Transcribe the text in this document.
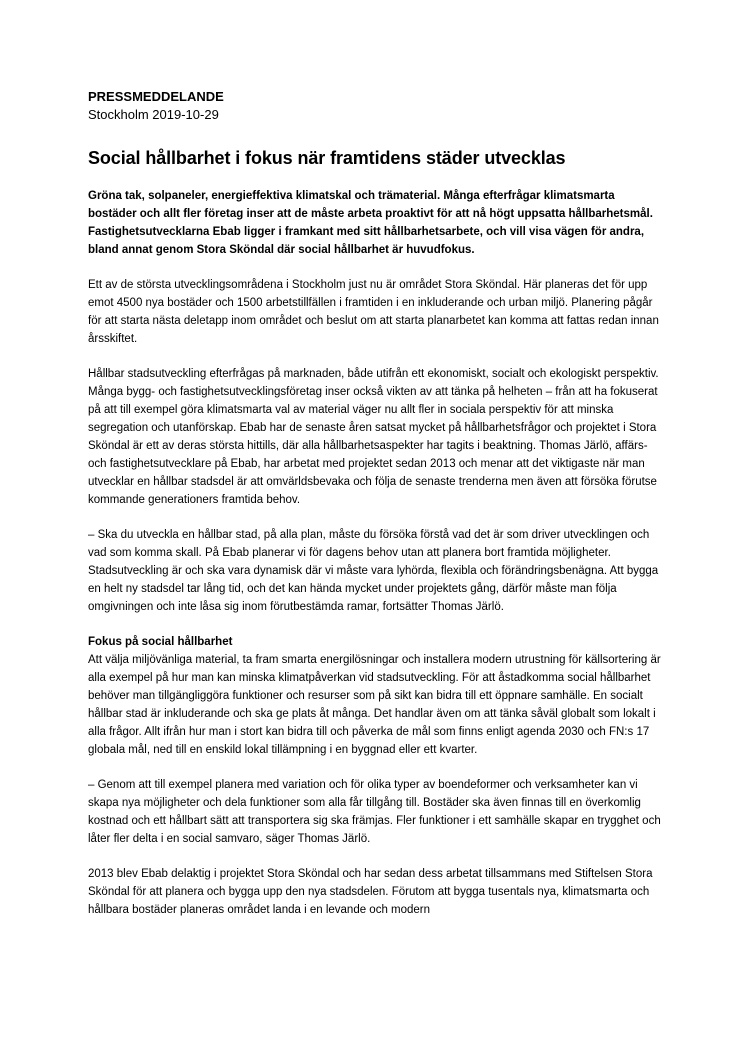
PRESSMEDDELANDE
Stockholm 2019-10-29
Social hållbarhet i fokus när framtidens städer utvecklas
Gröna tak, solpaneler, energieffektiva klimatskal och trämaterial. Många efterfrågar klimatsmarta bostäder och allt fler företag inser att de måste arbeta proaktivt för att nå högt uppsatta hållbarhetsmål. Fastighetsutvecklarna Ebab ligger i framkant med sitt hållbarhetsarbete, och vill visa vägen för andra, bland annat genom Stora Sköndal där social hållbarhet är huvudfokus.
Ett av de största utvecklingsområdena i Stockholm just nu är området Stora Sköndal. Här planeras det för upp emot 4500 nya bostäder och 1500 arbetstillfällen i framtiden i en inkluderande och urban miljö. Planering pågår för att starta nästa deletapp inom området och beslut om att starta planarbetet kan komma att fattas redan innan årsskiftet.
Hållbar stadsutveckling efterfrågas på marknaden, både utifrån ett ekonomiskt, socialt och ekologiskt perspektiv. Många bygg- och fastighetsutvecklingsföretag inser också vikten av att tänka på helheten – från att ha fokuserat på att till exempel göra klimatsmarta val av material väger nu allt fler in sociala perspektiv för att minska segregation och utanförskap. Ebab har de senaste åren satsat mycket på hållbarhetsfrågor och projektet i Stora Sköndal är ett av deras största hittills, där alla hållbarhetsaspekter har tagits i beaktning. Thomas Järlö, affärs- och fastighetsutvecklare på Ebab, har arbetat med projektet sedan 2013 och menar att det viktigaste när man utvecklar en hållbar stadsdel är att omvärldsbevaka och följa de senaste trenderna men även att försöka förutse kommande generationers framtida behov.
– Ska du utveckla en hållbar stad, på alla plan, måste du försöka förstå vad det är som driver utvecklingen och vad som komma skall. På Ebab planerar vi för dagens behov utan att planera bort framtida möjligheter. Stadsutveckling är och ska vara dynamisk där vi måste vara lyhörda, flexibla och förändringsbenägna. Att bygga en helt ny stadsdel tar lång tid, och det kan hända mycket under projektets gång, därför måste man följa omgivningen och inte låsa sig inom förutbestämda ramar, fortsätter Thomas Järlö.
Fokus på social hållbarhet
Att välja miljövänliga material, ta fram smarta energilösningar och installera modern utrustning för källsortering är alla exempel på hur man kan minska klimatpåverkan vid stadsutveckling. För att åstadkomma social hållbarhet behöver man tillgängliggöra funktioner och resurser som på sikt kan bidra till ett öppnare samhälle. En socialt hållbar stad är inkluderande och ska ge plats åt många. Det handlar även om att tänka såväl globalt som lokalt i alla frågor. Allt ifrån hur man i stort kan bidra till och påverka de mål som finns enligt agenda 2030 och FN:s 17 globala mål, ned till en enskild lokal tillämpning i en byggnad eller ett kvarter.
– Genom att till exempel planera med variation och för olika typer av boendeformer och verksamheter kan vi skapa nya möjligheter och dela funktioner som alla får tillgång till. Bostäder ska även finnas till en överkomlig kostnad och ett hållbart sätt att transportera sig ska främjas. Fler funktioner i ett samhälle skapar en trygghet och låter fler delta i en social samvaro, säger Thomas Järlö.
2013 blev Ebab delaktig i projektet Stora Sköndal och har sedan dess arbetat tillsammans med Stiftelsen Stora Sköndal för att planera och bygga upp den nya stadsdelen. Förutom att bygga tusentals nya, klimatsmarta och hållbara bostäder planeras området landa i en levande och modern
